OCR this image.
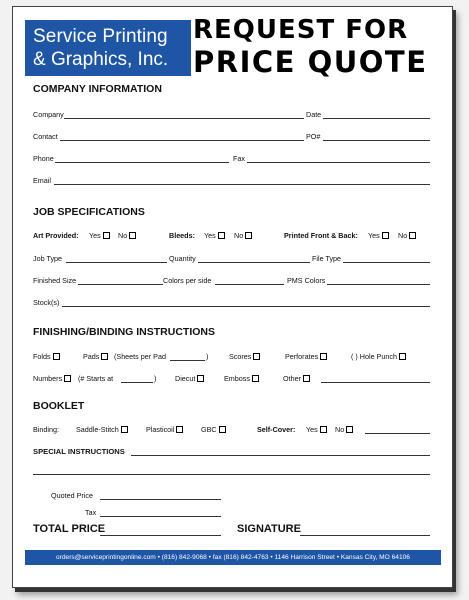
Service Printing
& Graphics, Inc.
REQUEST FOR
PRICE QUOTE
COMPANY INFORMATION
Company	Date
Contact	PO#
Phone	Fax
Email
JOB SPECIFICATIONS
Art Provided: Yes	No	Bleeds: Yes	No	Printed Front & Back: Yes	No
Job Type	Quantity	File Type
Finished Size	Colors per side	PMS Colors
Stock(s)
FINISHING/BINDING INSTRUCTIONS
Folds	Pads	(Sheets per Pad	)	Scores	Perforates	( ) Hole Punch
Numbers	(# Starts at	)	Diecut	Emboss	Other
BOOKLET
Binding: Saddle-Stitch	Plasticoil	GBC	Self-Cover: Yes	No
SPECIAL INSTRUCTIONS
Quoted Price
Tax
TOTAL PRICE	SIGNATURE
orders@serviceprintingonline.com • (816) 842-9068 • fax (816) 842-4763 • 1146 Harrison Street • Kansas City, MO 64106
